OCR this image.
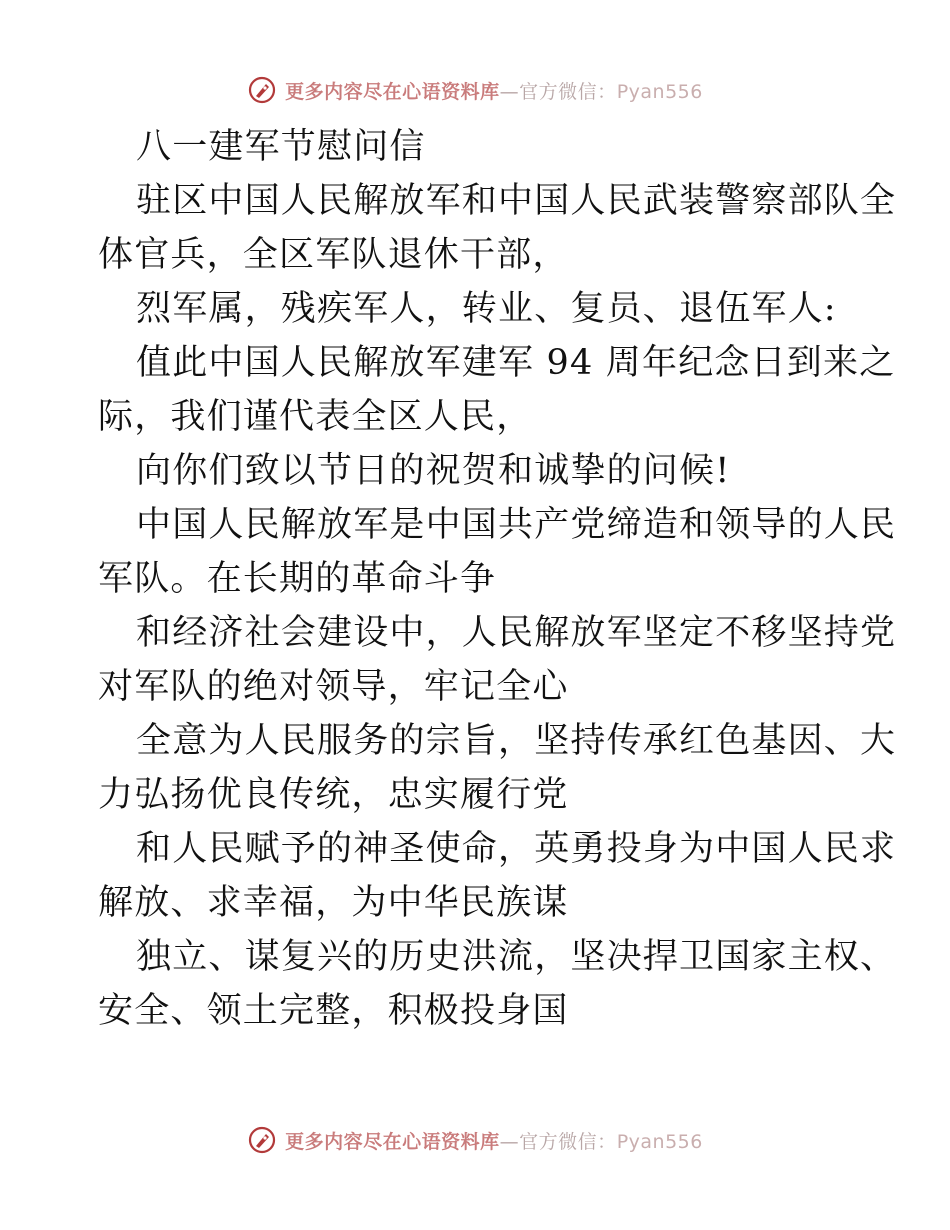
更多内容尽在心语资料库—官方微信：Pyan556
八一建军节慰问信
驻区中国人民解放军和中国人民武装警察部队全
体官兵，全区军队退休干部，
烈军属，残疾军人，转业、复员、退伍军人:
值此中国人民解放军建军 94 周年纪念日到来之
际，我们谨代表全区人民，
向你们致以节日的祝贺和诚挚的问候!
中国人民解放军是中国共产党缔造和领导的人民
军队。在长期的革命斗争
和经济社会建设中，人民解放军坚定不移坚持党
对军队的绝对领导，牢记全心
全意为人民服务的宗旨，坚持传承红色基因、大
力弘扬优良传统，忠实履行党
和人民赋予的神圣使命，英勇投身为中国人民求
解放、求幸福，为中华民族谋
独立、谋复兴的历史洪流，坚决捍卫国家主权、
安全、领土完整，积极投身国
更多内容尽在心语资料库—官方微信：Pyan556
